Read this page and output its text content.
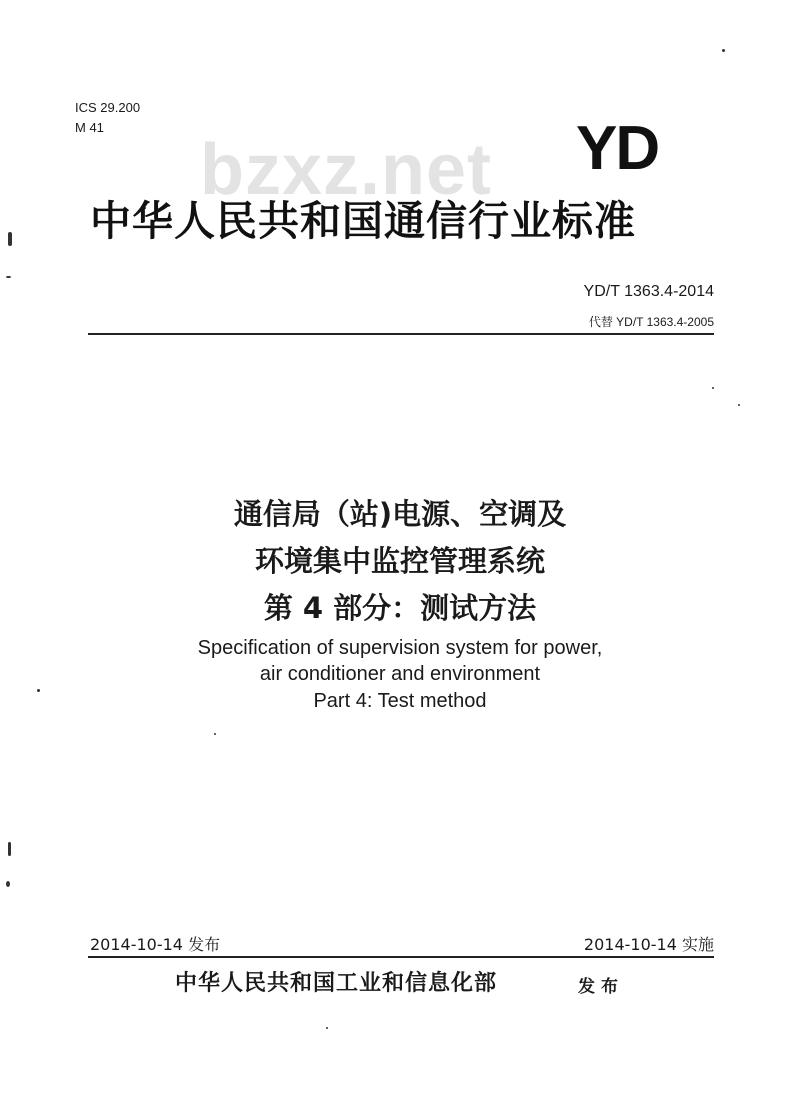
bzxz.net
ICS 29.200
M 41	YD
中华人民共和国通信行业标准
YD/T 1363.4-2014
代替 YD/T 1363.4-2005
通信局（站)电源、空调及
环境集中监控管理系统
第 4 部分：测试方法
Specification of supervision system for power,
air conditioner and environment
Part 4: Test method
2014-10-14 发布	2014-10-14 实施
中华人民共和国工业和信息化部	发布
